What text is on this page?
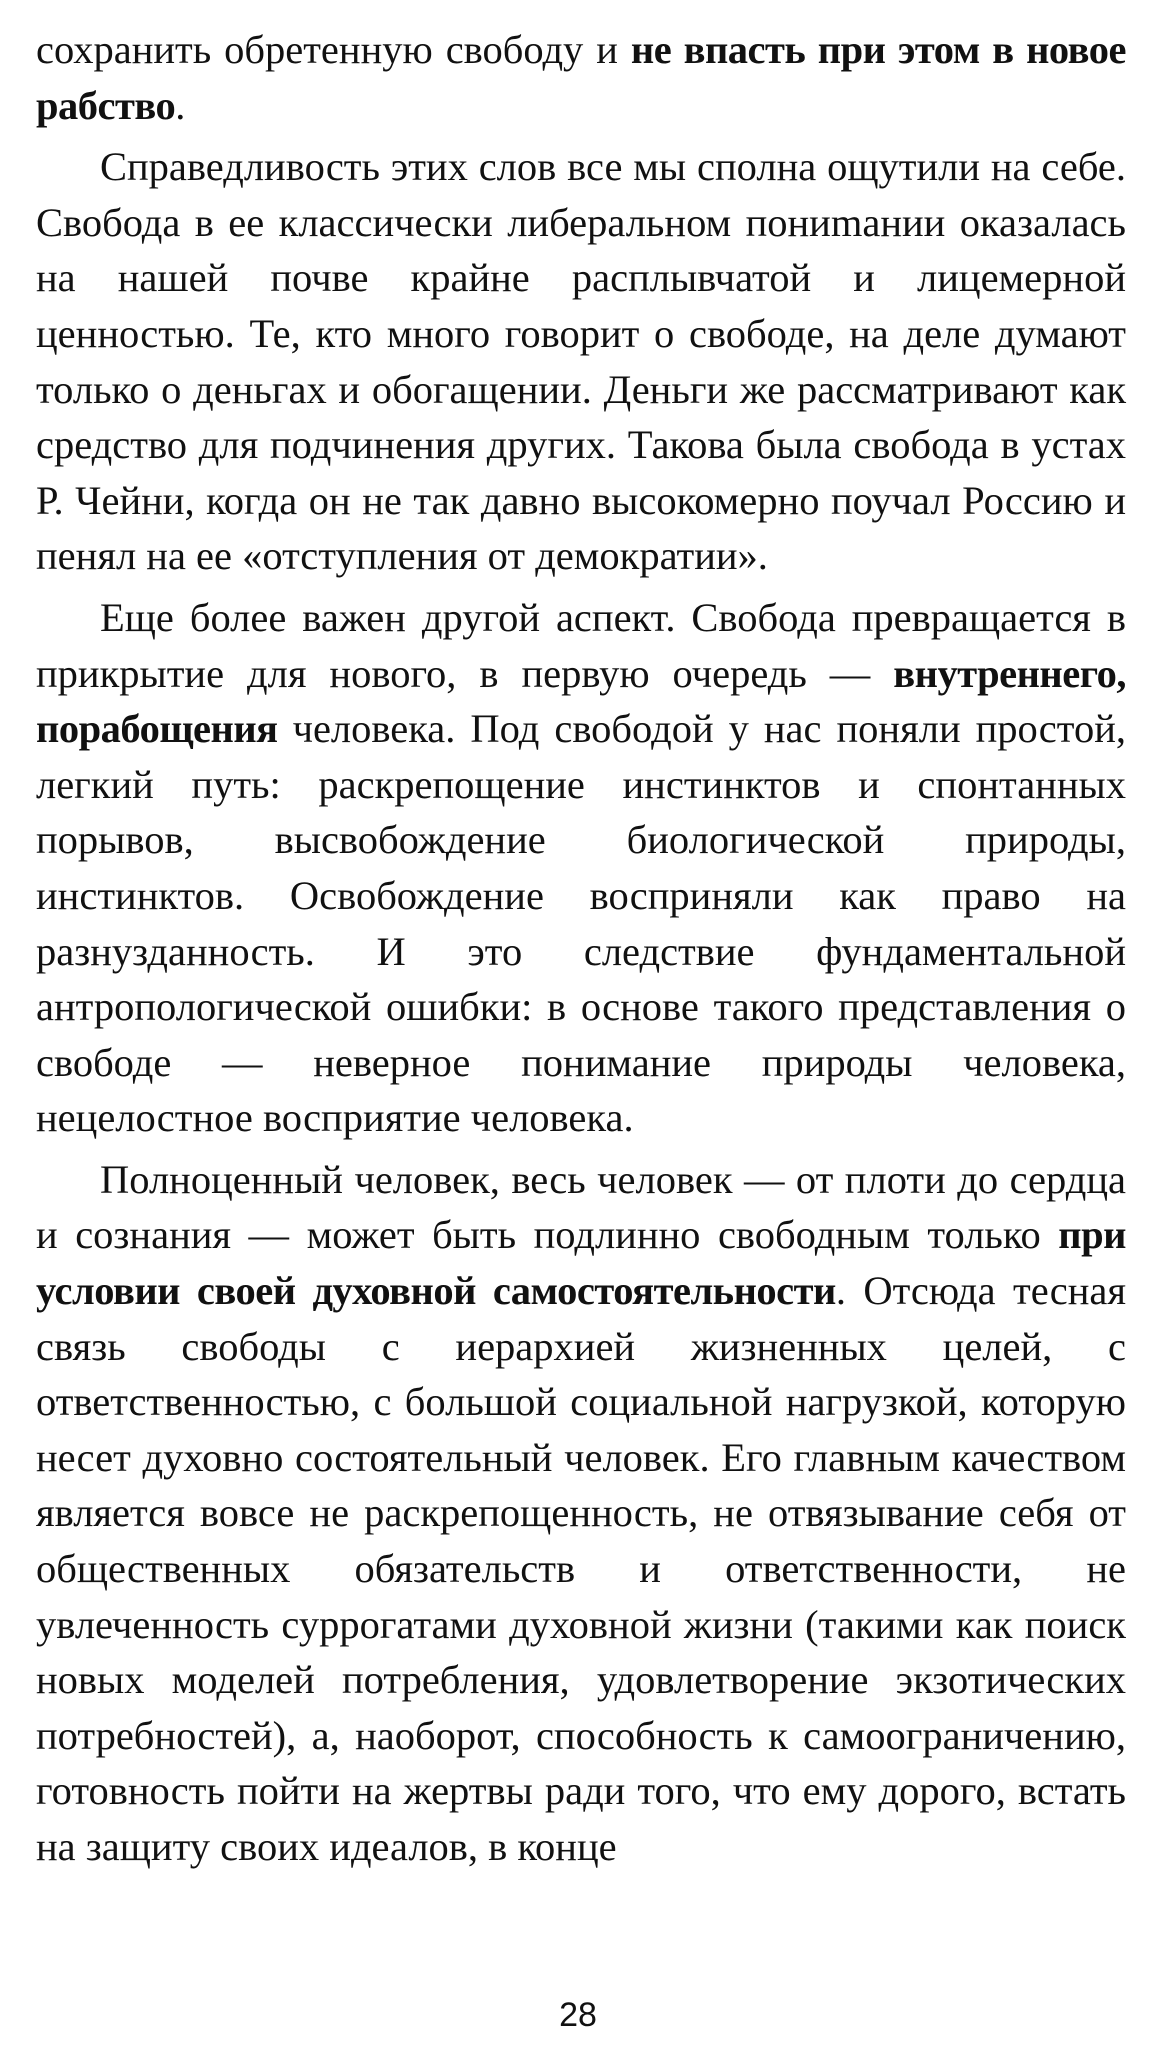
сохранить обретенную свободу и не впасть при этом в новое рабство.

Справедливость этих слов все мы сполна ощутили на себе. Свобода в ее классически либеральном пониmании оказалась на нашей почве крайне расплывчатой и лицемерной ценностью. Те, кто много говорит о свободе, на деле думают только о деньгах и обогащении. Деньги же рассматривают как средство для подчинения других. Такова была свобода в устах Р. Чейни, когда он не так давно высокомерно поучал Россию и пенял на ее «отступления от демократии».

Еще более важен другой аспект. Свобода превращается в прикрытие для нового, в первую очередь — внутреннего, порабощения человека. Под свободой у нас поняли простой, легкий путь: раскрепощение инстинктов и спонтанных порывов, высвобождение биологической природы, инстинктов. Освобождение восприняли как право на разнузданность. И это следствие фундаментальной антропологической ошибки: в основе такого представления о свободе — неверное понимание природы человека, нецелостное восприятие человека.

Полноценный человек, весь человек — от плоти до сердца и сознания — может быть подлинно свободным только при условии своей духовной самостоятельности. Отсюда тесная связь свободы с иерархией жизненных целей, с ответственностью, с большой социальной нагрузкой, которую несет духовно состоятельный человек. Его главным качеством является вовсе не раскрепощенность, не отвязывание себя от общественных обязательств и ответственности, не увлеченность суррогатами духовной жизни (такими как поиск новых моделей потребления, удовлетворение экзотических потребностей), а, наоборот, способность к самоограничению, готовность пойти на жертвы ради того, что ему дорого, встать на защиту своих идеалов, в конце

28
